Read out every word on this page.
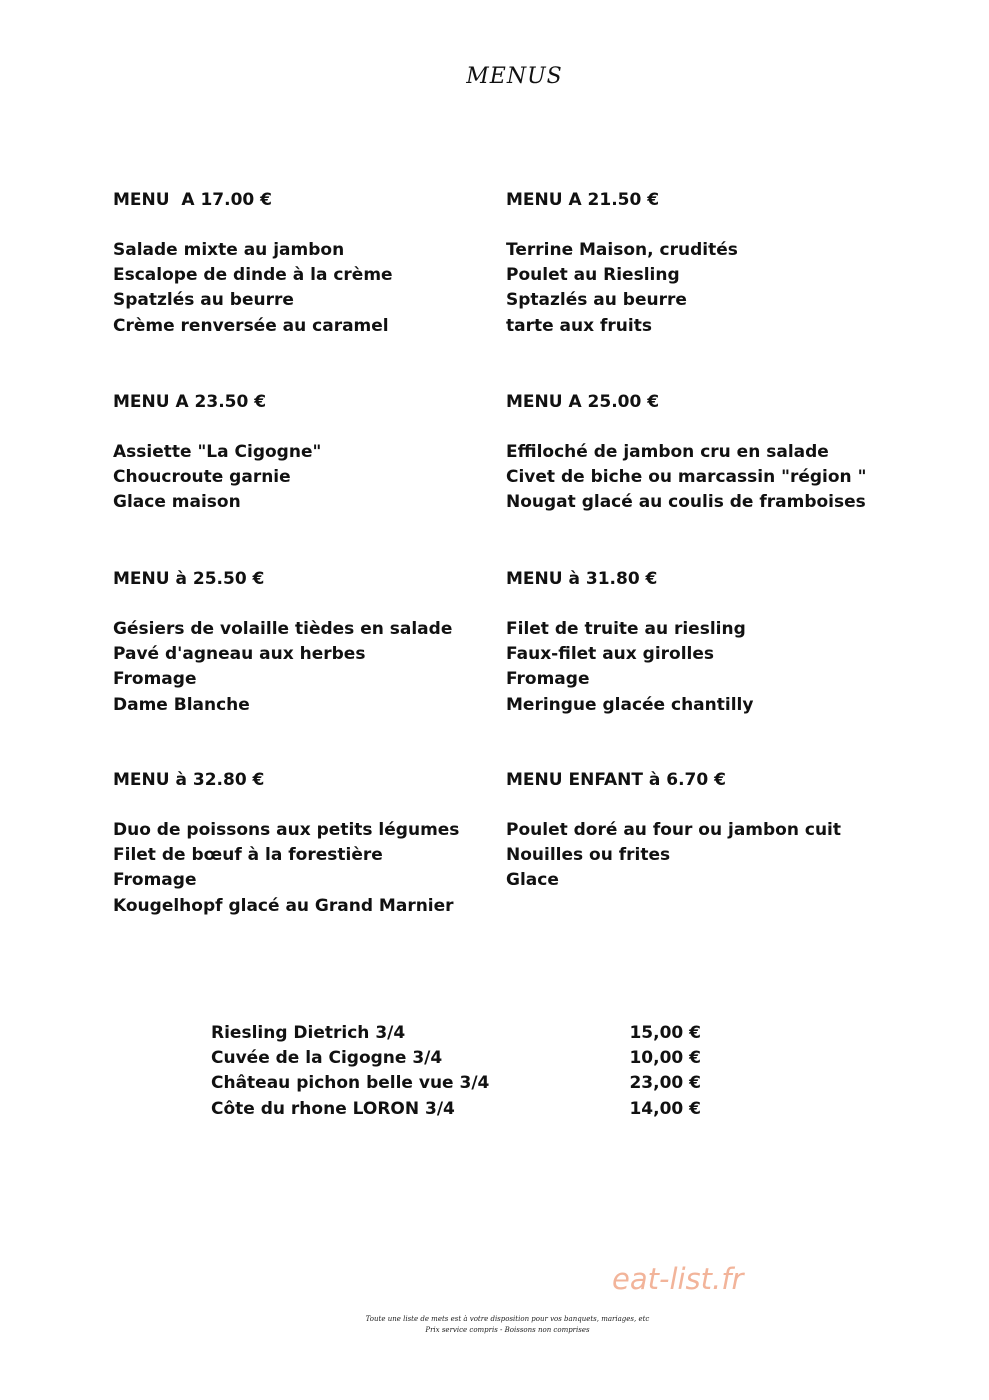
MENUS
MENU  A 17.00 €
Salade mixte au jambon
Escalope de dinde à la crème
Spatzlés au beurre
Crème renversée au caramel
MENU A 21.50 €
Terrine Maison, crudités
Poulet au Riesling
Sptazlés au beurre
tarte aux fruits
MENU A 23.50 €
Assiette "La Cigogne"
Choucroute garnie
Glace maison
MENU A 25.00 €
Effiloché de jambon cru en salade
Civet de biche ou marcassin "région "
Nougat glacé au coulis de framboises
MENU à 25.50 €
Gésiers de volaille tièdes en salade
Pavé d'agneau aux herbes
Fromage
Dame Blanche
MENU à 31.80 €
Filet de truite au riesling
Faux-filet aux girolles
Fromage
Meringue glacée chantilly
MENU à 32.80 €
Duo de poissons aux petits légumes
Filet de bœuf à la forestière
Fromage
Kougelhopf glacé au Grand Marnier
MENU ENFANT à 6.70 €
Poulet doré au four ou jambon cuit
Nouilles ou frites
Glace
Riesling Dietrich 3/4	15,00 €
Cuvée de la Cigogne 3/4	10,00 €
Château pichon belle vue 3/4	23,00 €
Côte du rhone LORON 3/4	14,00 €
eat-list.fr
Toute une liste de mets est à votre disposition pour vos banquets, mariages, etc
Prix service compris - Boissons non comprises
